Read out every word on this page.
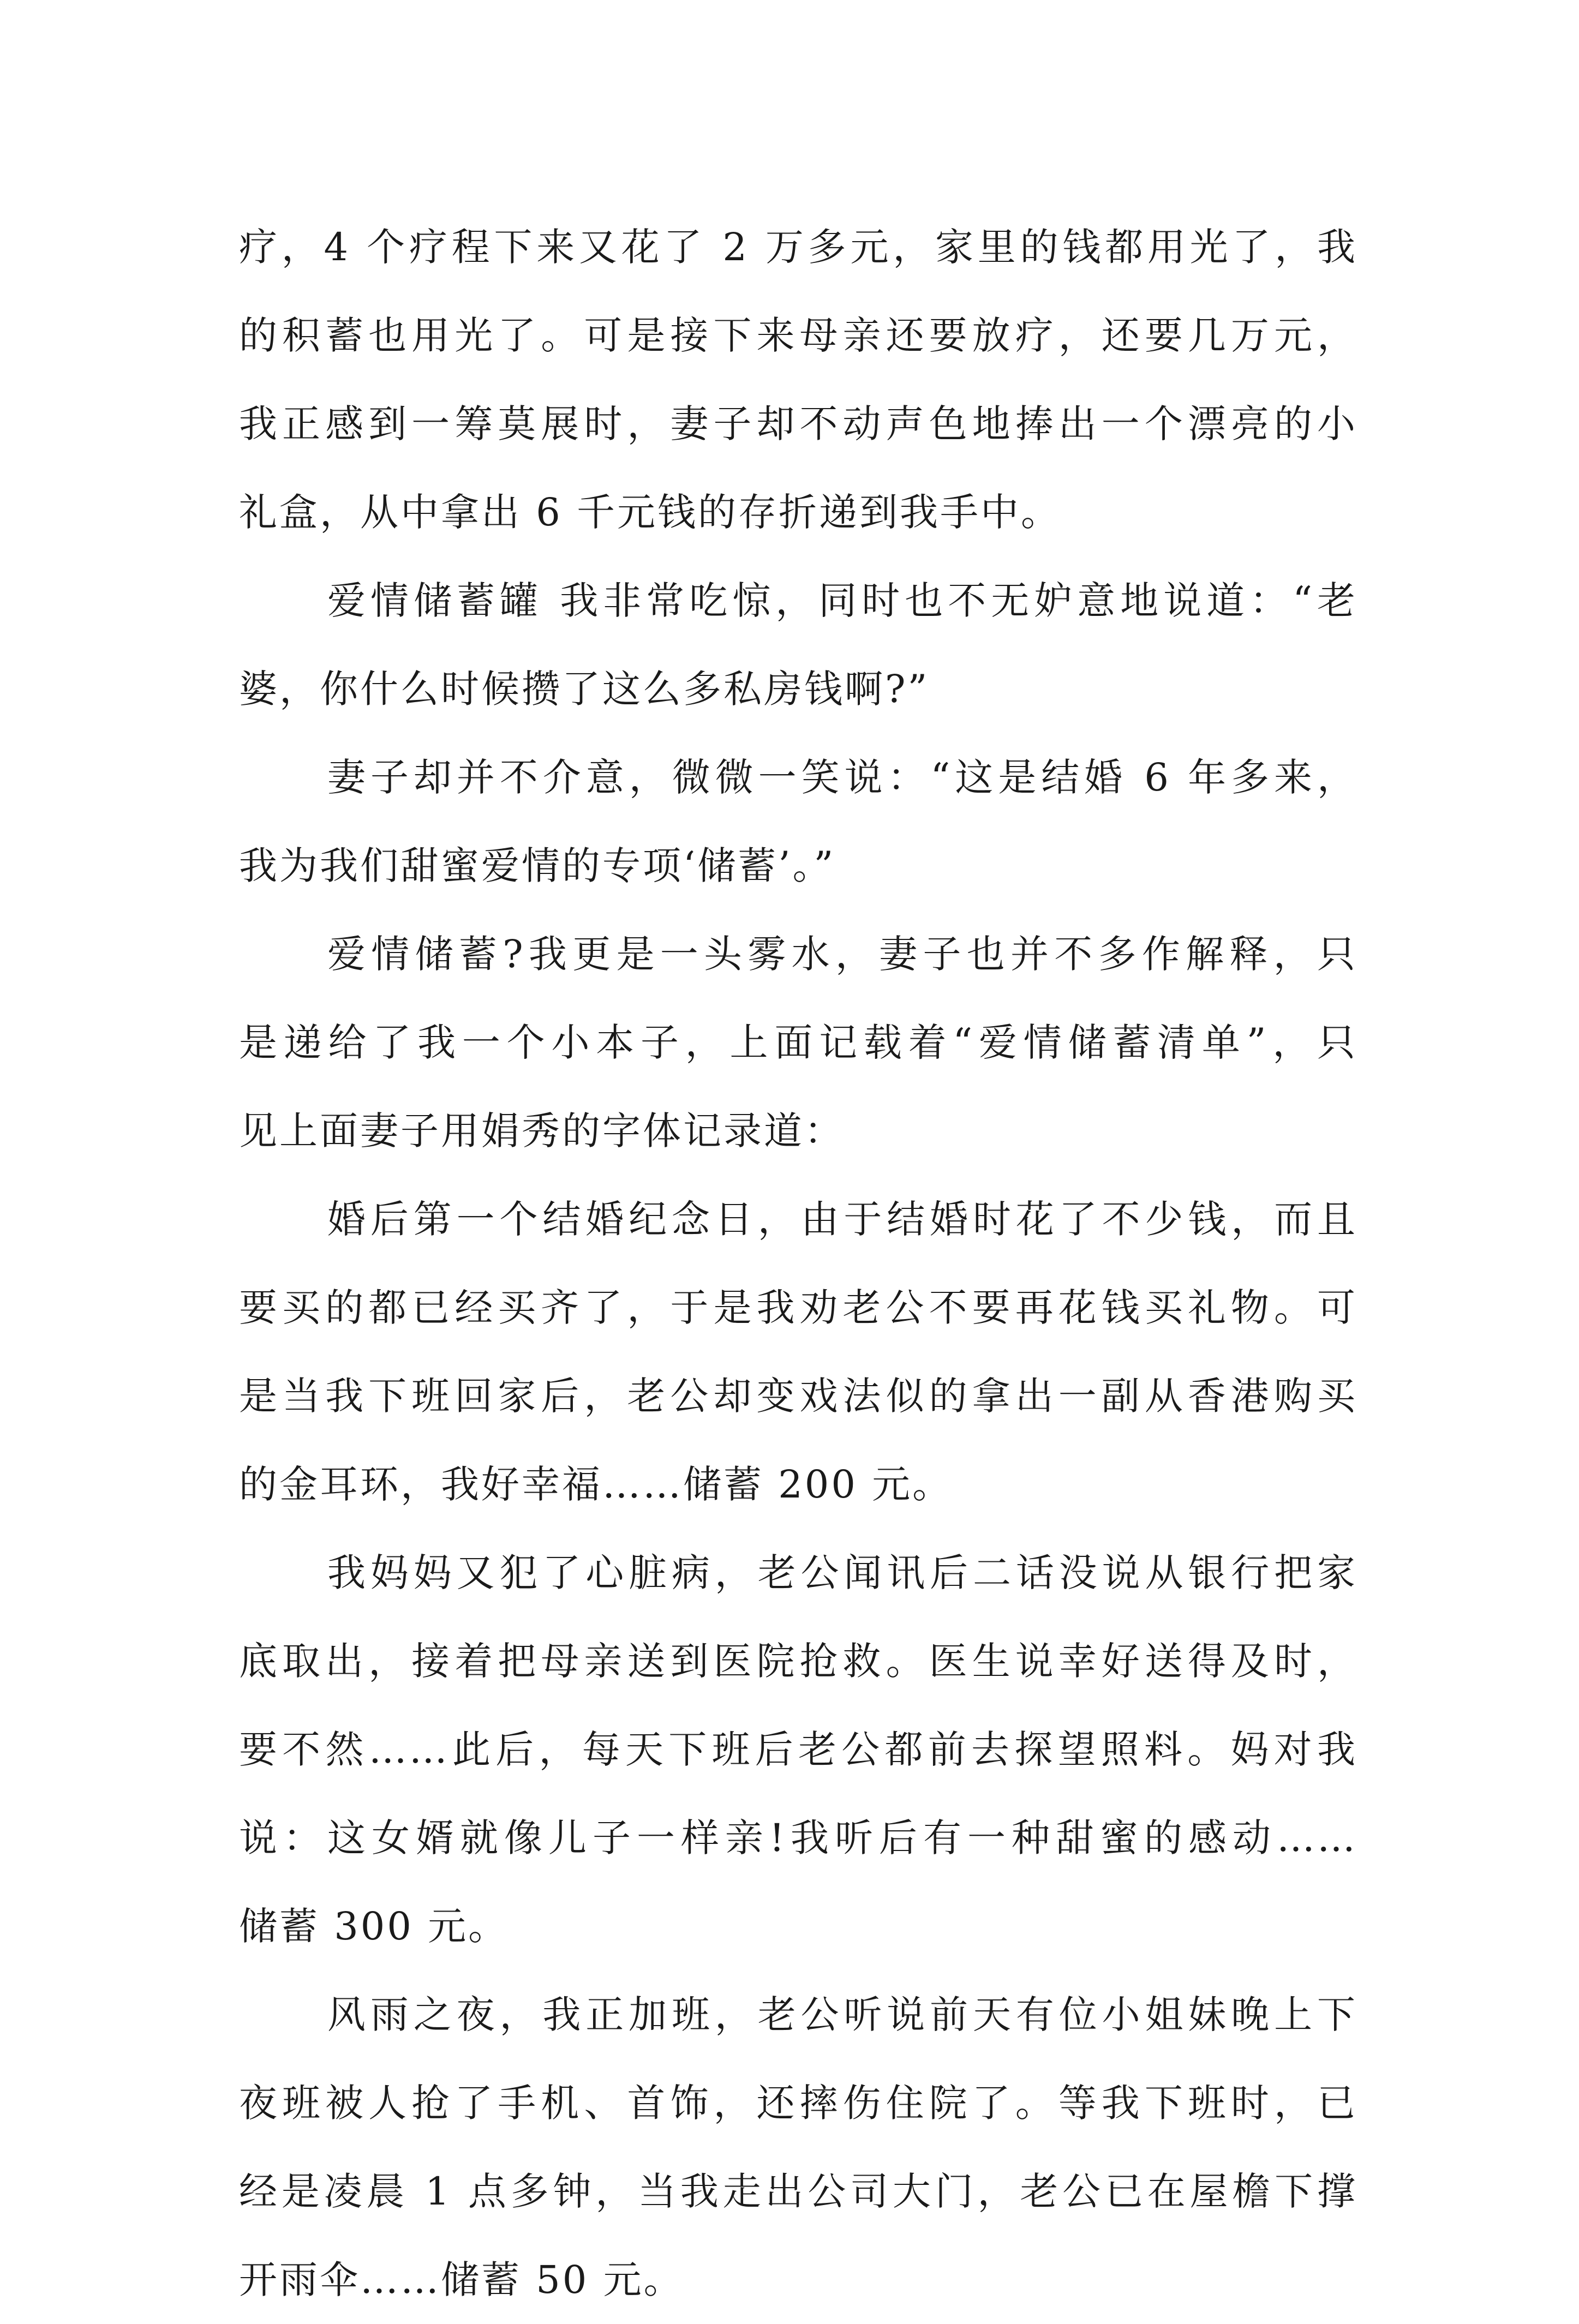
疗，4 个疗程下来又花了 2 万多元，家里的钱都用光了，我
的积蓄也用光了。可是接下来母亲还要放疗，还要几万元，
我正感到一筹莫展时，妻子却不动声色地捧出一个漂亮的小
礼盒，从中拿出 6 千元钱的存折递到我手中。
爱情储蓄罐 我非常吃惊，同时也不无妒意地说道：“老
婆，你什么时候攒了这么多私房钱啊?”
妻子却并不介意，微微一笑说：“这是结婚 6 年多来，
我为我们甜蜜爱情的专项‘储蓄’。”
爱情储蓄?我更是一头雾水，妻子也并不多作解释，只
是递给了我一个小本子，上面记载着“爱情储蓄清单”，只
见上面妻子用娟秀的字体记录道：
婚后第一个结婚纪念日，由于结婚时花了不少钱，而且
要买的都已经买齐了，于是我劝老公不要再花钱买礼物。可
是当我下班回家后，老公却变戏法似的拿出一副从香港购买
的金耳环，我好幸福……储蓄 200 元。
我妈妈又犯了心脏病，老公闻讯后二话没说从银行把家
底取出，接着把母亲送到医院抢救。医生说幸好送得及时，
要不然……此后，每天下班后老公都前去探望照料。妈对我
说：这女婿就像儿子一样亲!我听后有一种甜蜜的感动……
储蓄 300 元。
风雨之夜，我正加班，老公听说前天有位小姐妹晚上下
夜班被人抢了手机、首饰，还摔伤住院了。等我下班时，已
经是凌晨 1 点多钟，当我走出公司大门，老公已在屋檐下撑
开雨伞……储蓄 50 元。
